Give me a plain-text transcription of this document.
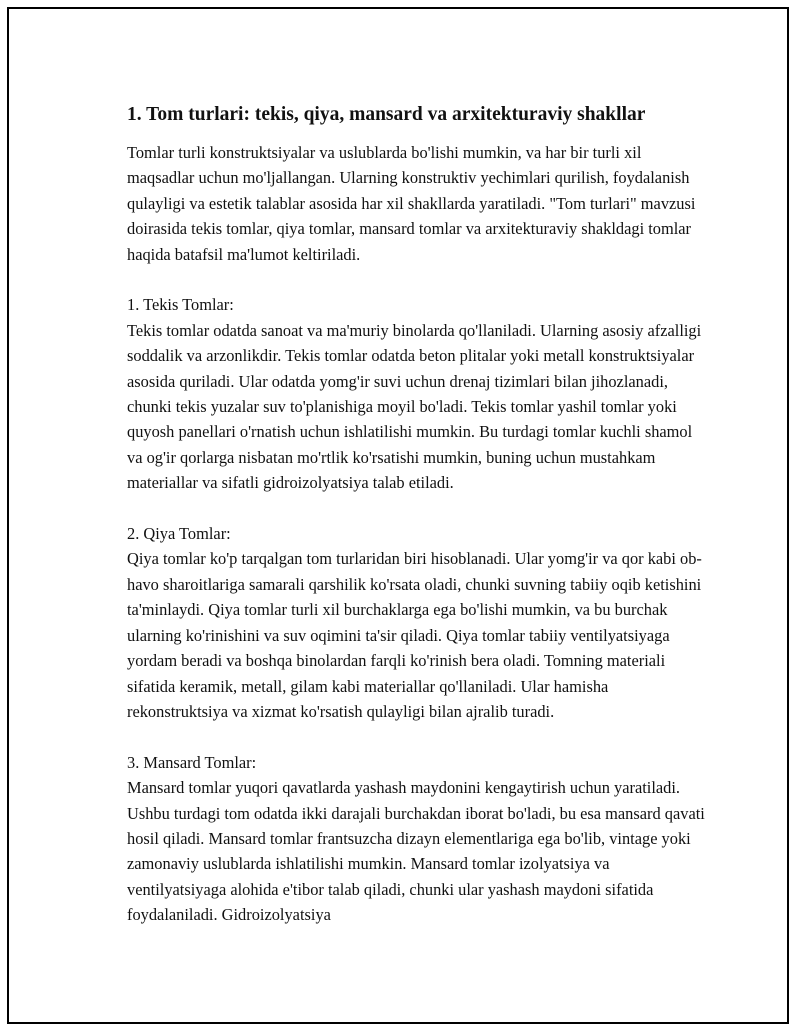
1. Tom turlari: tekis, qiya, mansard va arxitekturaviy shakllar

Tomlar turli konstruktsiyalar va uslublarda bo'lishi mumkin, va har bir turli xil maqsadlar uchun mo'ljallangan. Ularning konstruktiv yechimlari qurilish, foydalanish qulayligi va estetik talablar asosida har xil shakllarda yaratiladi. "Tom turlari" mavzusi doirasida tekis tomlar, qiya tomlar, mansard tomlar va arxitekturaviy shakldagi tomlar haqida batafsil ma'lumot keltiriladi.

1. Tekis Tomlar:

Tekis tomlar odatda sanoat va ma'muriy binolarda qo'llaniladi. Ularning asosiy afzalligi soddalik va arzonlikdir. Tekis tomlar odatda beton plitalar yoki metall konstruktsiyalar asosida quriladi. Ular odatda yomg'ir suvi uchun drenaj tizimlari bilan jihozlanadi, chunki tekis yuzalar suv to'planishiga moyil bo'ladi. Tekis tomlar yashil tomlar yoki quyosh panellari o'rnatish uchun ishlatilishi mumkin. Bu turdagi tomlar kuchli shamol va og'ir qorlarga nisbatan mo'rtlik ko'rsatishi mumkin, buning uchun mustahkam materiallar va sifatli gidroizolyatsiya talab etiladi.

2. Qiya Tomlar:

Qiya tomlar ko'p tarqalgan tom turlaridan biri hisoblanadi. Ular yomg'ir va qor kabi ob-havo sharoitlariga samarali qarshilik ko'rsata oladi, chunki suvning tabiiy oqib ketishini ta'minlaydi. Qiya tomlar turli xil burchaklarga ega bo'lishi mumkin, va bu burchak ularning ko'rinishini va suv oqimini ta'sir qiladi. Qiya tomlar tabiiy ventilyatsiyaga yordam beradi va boshqa binolardan farqli ko'rinish bera oladi. Tomning materiali sifatida keramik, metall, gilam kabi materiallar qo'llaniladi. Ular hamisha rekonstruktsiya va xizmat ko'rsatish qulayligi bilan ajralib turadi.

3. Mansard Tomlar:

Mansard tomlar yuqori qavatlarda yashash maydonini kengaytirish uchun yaratiladi. Ushbu turdagi tom odatda ikki darajali burchakdan iborat bo'ladi, bu esa mansard qavati hosil qiladi. Mansard tomlar frantsuzcha dizayn elementlariga ega bo'lib, vintage yoki zamonaviy uslublarda ishlatilishi mumkin. Mansard tomlar izolyatsiya va ventilyatsiyaga alohida e'tibor talab qiladi, chunki ular yashash maydoni sifatida foydalaniladi. Gidroizolyatsiya
